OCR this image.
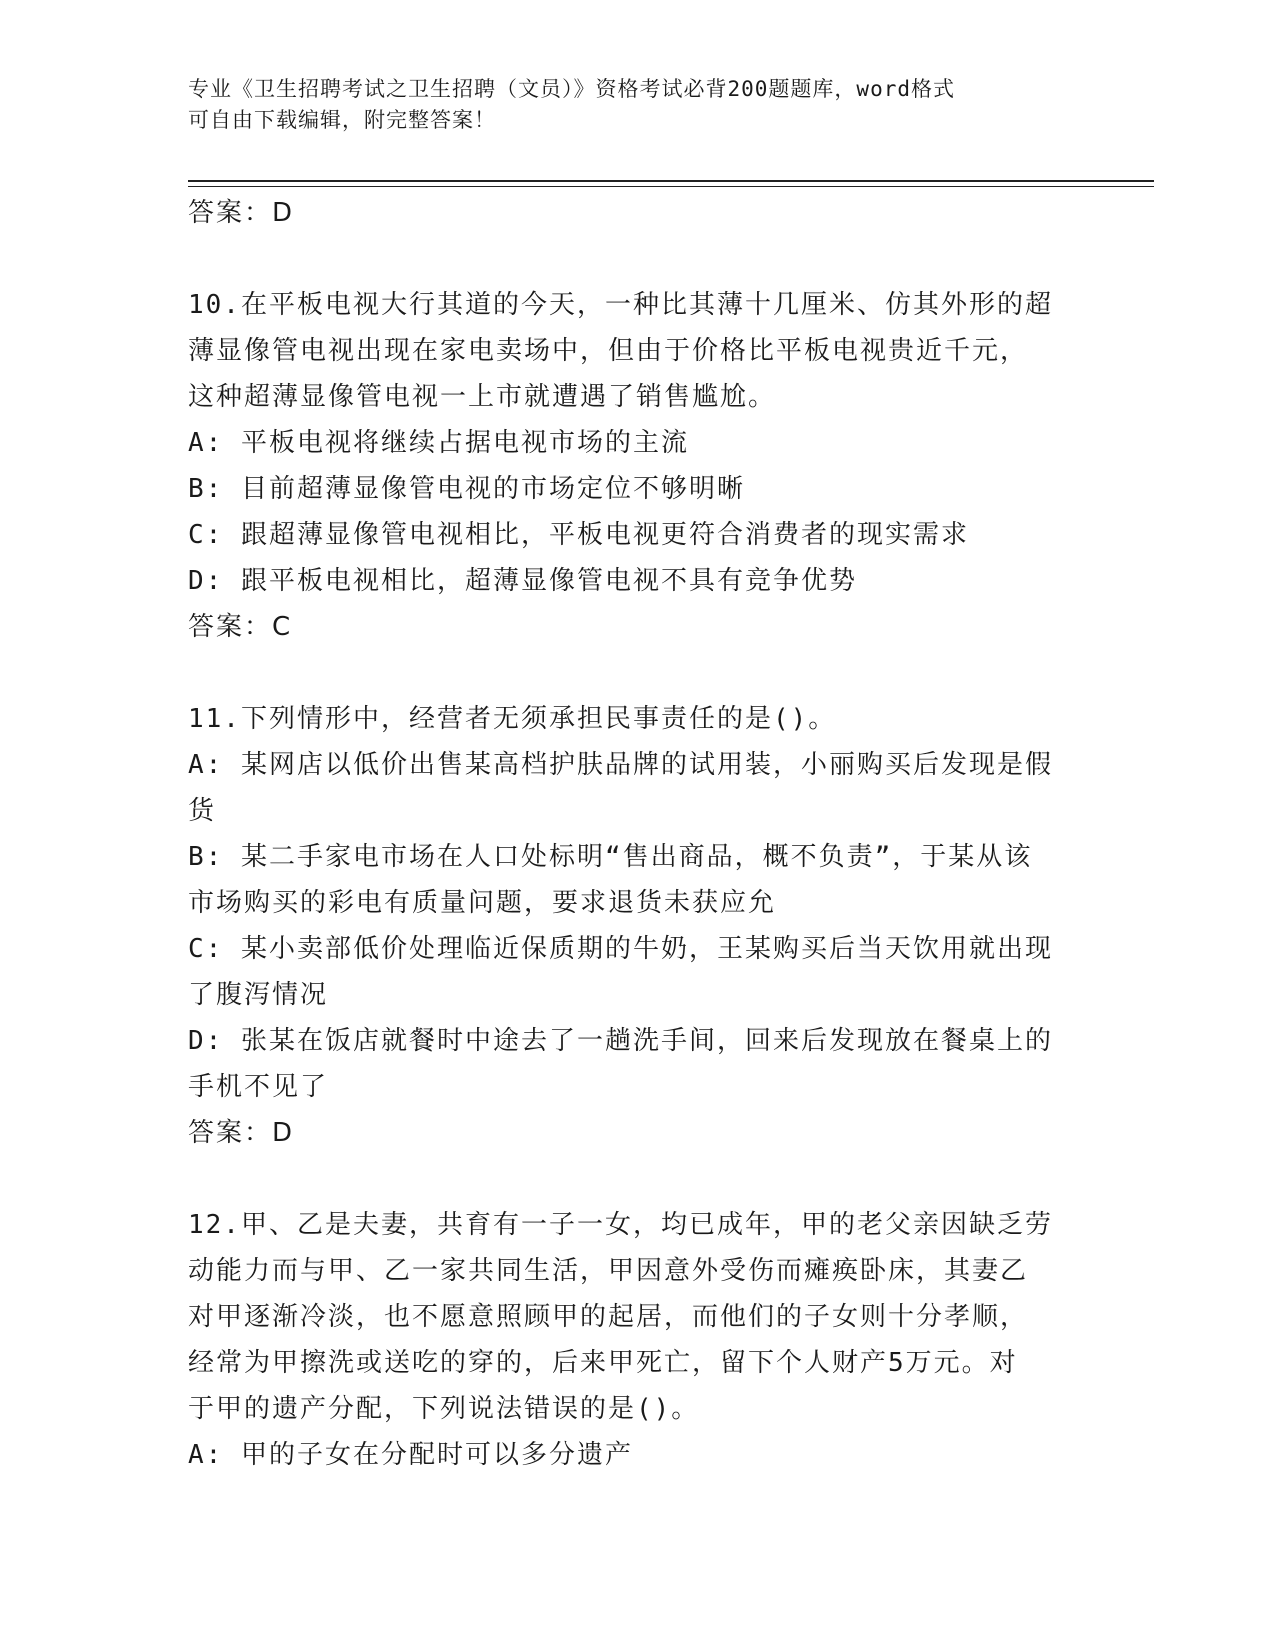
专业《卫生招聘考试之卫生招聘（文员）》资格考试必背200题题库，word格式
可自由下载编辑，附完整答案！
答案：D
10.在平板电视大行其道的今天，一种比其薄十几厘米、仿其外形的超
薄显像管电视出现在家电卖场中，但由于价格比平板电视贵近千元，
这种超薄显像管电视一上市就遭遇了销售尴尬。
A: 平板电视将继续占据电视市场的主流
B: 目前超薄显像管电视的市场定位不够明晰
C: 跟超薄显像管电视相比，平板电视更符合消费者的现实需求
D: 跟平板电视相比，超薄显像管电视不具有竞争优势
答案：C
11.下列情形中，经营者无须承担民事责任的是()。
A: 某网店以低价出售某高档护肤品牌的试用装，小丽购买后发现是假
货
B: 某二手家电市场在人口处标明“售出商品，概不负责”，于某从该
市场购买的彩电有质量问题，要求退货未获应允
C: 某小卖部低价处理临近保质期的牛奶，王某购买后当天饮用就出现
了腹泻情况
D: 张某在饭店就餐时中途去了一趟洗手间，回来后发现放在餐桌上的
手机不见了
答案：D
12.甲、乙是夫妻，共育有一子一女，均已成年，甲的老父亲因缺乏劳
动能力而与甲、乙一家共同生活，甲因意外受伤而瘫痪卧床，其妻乙
对甲逐渐冷淡，也不愿意照顾甲的起居，而他们的子女则十分孝顺，
经常为甲擦洗或送吃的穿的，后来甲死亡，留下个人财产5万元。对
于甲的遗产分配，下列说法错误的是()。
A: 甲的子女在分配时可以多分遗产
